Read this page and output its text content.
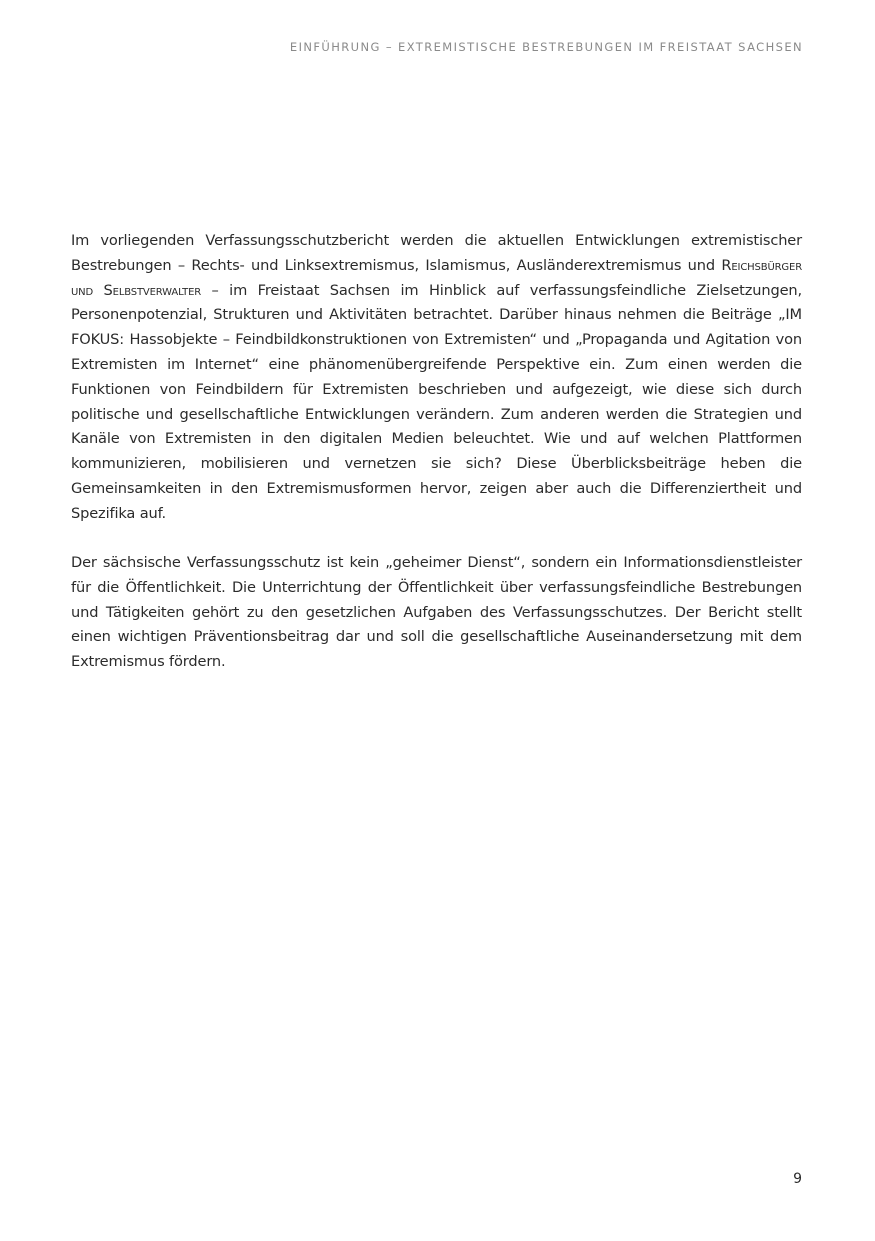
EINFÜHRUNG – EXTREMISTISCHE BESTREBUNGEN IM FREISTAAT SACHSEN

Im vorliegenden Verfassungsschutzbericht werden die aktuellen Entwicklungen extremistischer Bestrebungen – Rechts- und Linksextremismus, Islamismus, Ausländerextremismus und Reichsbürger und Selbstverwalter – im Freistaat Sachsen im Hinblick auf verfassungsfeindliche Zielsetzungen, Personenpotenzial, Strukturen und Aktivitäten betrachtet. Darüber hinaus nehmen die Beiträge „IM FOKUS: Hassobjekte – Feindbildkonstruktionen von Extremisten“ und „Propaganda und Agitation von Extremisten im Internet“ eine phänomenübergreifende Perspektive ein. Zum einen werden die Funktionen von Feindbildern für Extremisten beschrieben und aufgezeigt, wie diese sich durch politische und gesellschaftliche Entwicklungen verändern. Zum anderen werden die Strategien und Kanäle von Extremisten in den digitalen Medien beleuchtet. Wie und auf welchen Plattformen kommunizieren, mobilisieren und vernetzen sie sich? Diese Überblicksbeiträge heben die Gemeinsamkeiten in den Extremismusformen hervor, zeigen aber auch die Differenziertheit und Spezifika auf.

Der sächsische Verfassungsschutz ist kein „geheimer Dienst“, sondern ein Informationsdienstleister für die Öffentlichkeit. Die Unterrichtung der Öffentlichkeit über verfassungsfeindliche Bestrebungen und Tätigkeiten gehört zu den gesetzlichen Aufgaben des Verfassungsschutzes. Der Bericht stellt einen wichtigen Präventionsbeitrag dar und soll die gesellschaftliche Auseinandersetzung mit dem Extremismus fördern.

9
